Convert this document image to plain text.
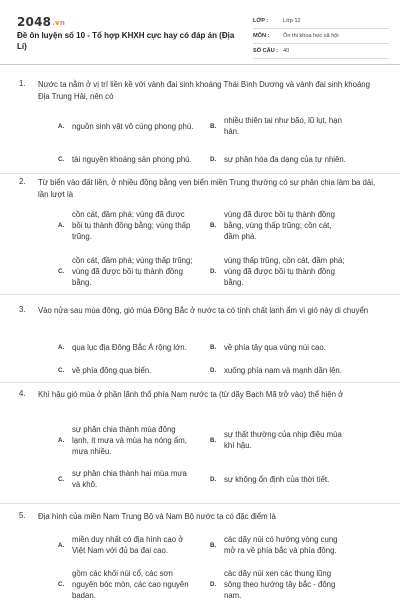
2048.vn
Đề ôn luyện số 10 - Tổ hợp KHXH cực hay có đáp án (Địa Lí)
LỚP :	Lớp 12
MÔN :	Ôn thi khoa học xã hội
SỐ CÂU : 40
1. Nước ta nằm ở vị trí liền kề với vành đai sinh khoáng Thái Bình Dương và vành đai sinh khoáng Địa Trung Hải, nên có
A.	nguồn sinh vật vô cùng phong phú.	B.
nhiều thiên tai như bão, lũ lụt, hạn hán.
C.	tài nguyên khoáng sản phong phú.	D.	sự phân hóa đa dạng của tự nhiên.
2. Từ biển vào đất liền, ở nhiều đồng bằng ven biển miền Trung thường có sự phân chia làm ba dải, lần lượt là
A.
cồn cát, đầm phá; vùng đã được bồi tụ thành đồng bằng; vùng thấp trũng.
B.
vùng đã được bồi tụ thành đồng bằng, vùng thấp trũng; cồn cát, đầm phá.
C.
cồn cát, đầm phá; vùng thấp trũng; vùng đã được bồi tụ thành đồng bằng.
D.
vùng thấp trũng, cồn cát, đầm phá; vùng đã được bồi tụ thành đồng bằng.
3. Vào nửa sau mùa đông, gió mùa Đông Bắc ở nước ta có tính chất lạnh ẩm vì gió này di chuyển
A.	qua lục địa Đông Bắc Á rộng lớn.	B.	về phía tây qua vùng núi cao.
C.	về phía đông qua biển.	D.	xuống phía nam và mạnh dần lên.
4. Khí hậu gió mùa ở phần lãnh thổ phía Nam nước ta (từ dãy Bạch Mã trở vào) thể hiện ở
A.
sự phân chia thành mùa đông lạnh, ít mưa và mùa hạ nóng ẩm, mưa nhiều.
B.
sự thất thường của nhịp điệu mùa khí hậu.
C.
sự phân chia thành hai mùa mưa và khô.
D.	sự không ổn định của thời tiết.
5. Địa hình của miền Nam Trung Bộ và Nam Bộ nước ta có đặc điểm là
A.
miền duy nhất có địa hình cao ở Việt Nam với đủ ba đai cao.
B.
các dãy núi có hướng vòng cung mở ra về phía bắc và phía đông.
C.
gồm các khối núi cổ, các sơn nguyên bóc mòn, các cao nguyên badan.
D.
các dãy núi xen các thung lũng sông theo hướng tây bắc - đông nam.
